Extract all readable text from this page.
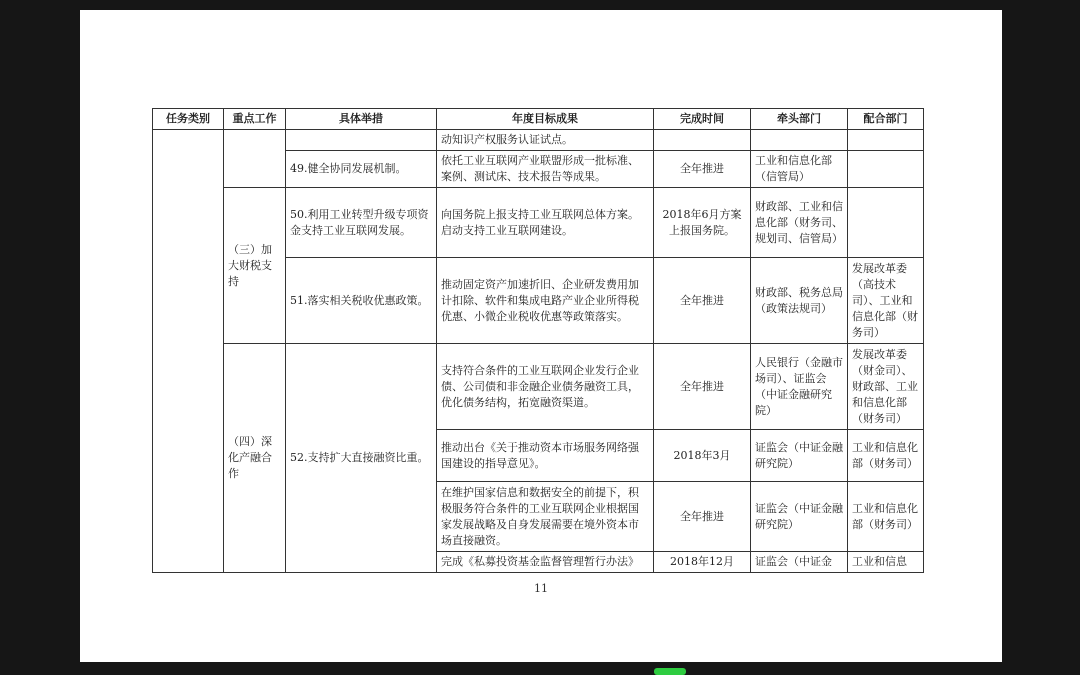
任务类别	重点工作	具体举措	年度目标成果	完成时间	牵头部门	配合部门
			动知识产权服务认证试点。			
		49.健全协同发展机制。	依托工业互联网产业联盟形成一批标准、案例、测试床、技术报告等成果。	全年推进	工业和信息化部（信管局）	
	（三）加大财税支持	50.利用工业转型升级专项资金支持工业互联网发展。	向国务院上报支持工业互联网总体方案。启动支持工业互联网建设。	2018年6月方案上报国务院。	财政部、工业和信息化部（财务司、规划司、信管局）	
		51.落实相关税收优惠政策。	推动固定资产加速折旧、企业研发费用加计扣除、软件和集成电路产业企业所得税优惠、小微企业税收优惠等政策落实。	全年推进	财政部、税务总局（政策法规司）	发展改革委（高技术司）、工业和信息化部（财务司）
	（四）深化产融合作	52.支持扩大直接融资比重。	支持符合条件的工业互联网企业发行企业债、公司债和非金融企业债务融资工具，优化债务结构，拓宽融资渠道。	全年推进	人民银行（金融市场司）、证监会（中证金融研究院）	发展改革委（财金司）、财政部、工业和信息化部（财务司）
			推动出台《关于推动资本市场服务网络强国建设的指导意见》。	2018年3月	证监会（中证金融研究院）	工业和信息化部（财务司）
			在维护国家信息和数据安全的前提下，积极服务符合条件的工业互联网企业根据国家发展战略及自身发展需要在境外资本市场直接融资。	全年推进	证监会（中证金融研究院）	工业和信息化部（财务司）
			完成《私募投资基金监督管理暂行办法》	2018年12月	证监会（中证金	工业和信息
11
